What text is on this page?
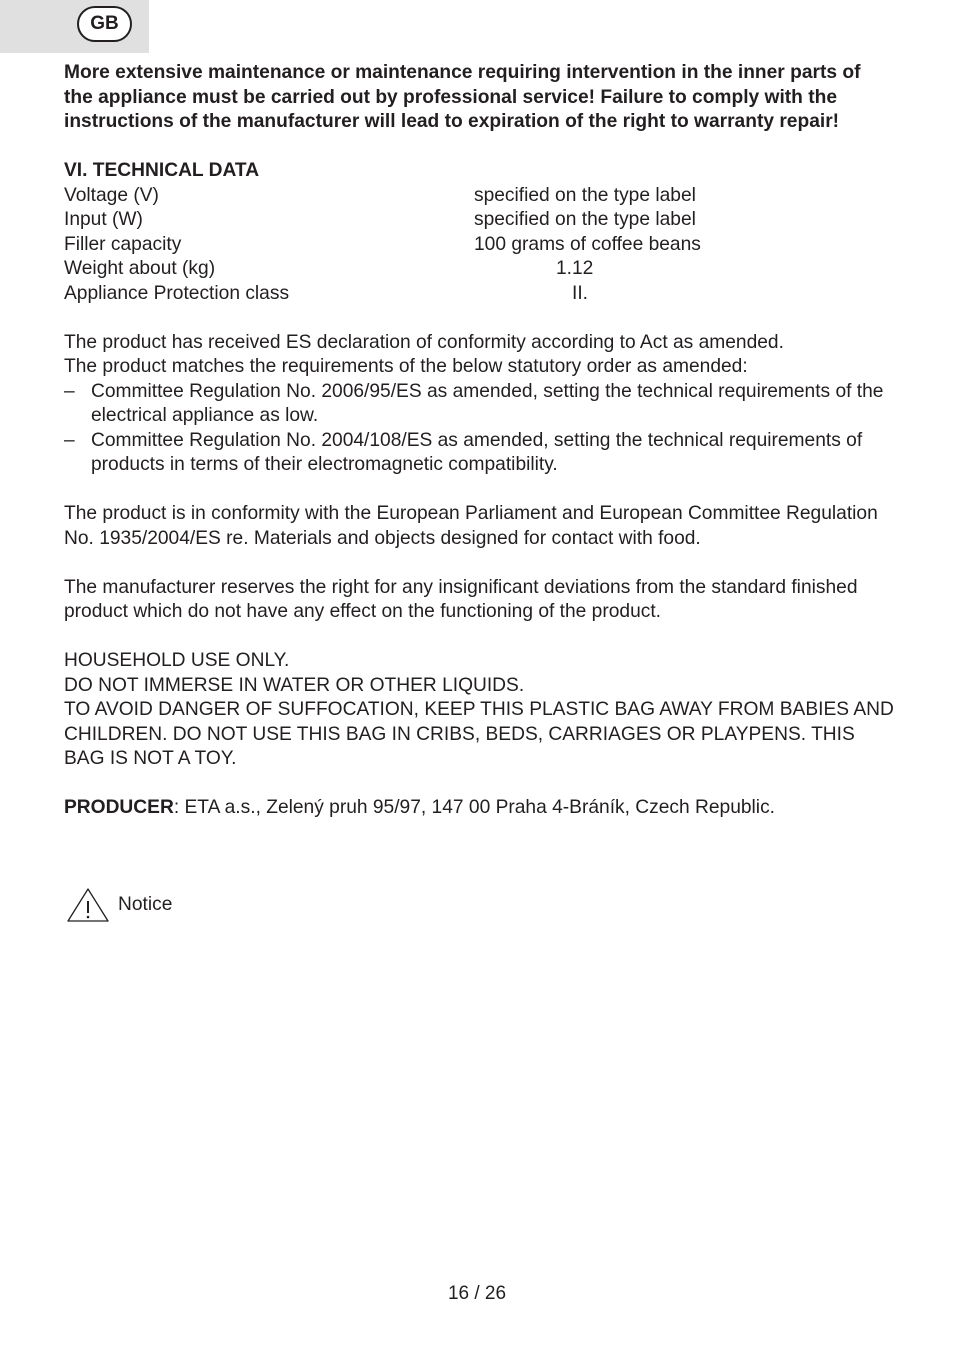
GB

More extensive maintenance or maintenance requiring intervention in the inner parts of the appliance must be carried out by professional service! Failure to comply with the instructions of the manufacturer will lead to expiration of the right to warranty repair!

VI. TECHNICAL DATA

Voltage (V)	specified on the type label
Input (W)	specified on the type label
Filler capacity	100 grams of coffee beans
Weight about (kg)	1.12
Appliance Protection class	II.

The product has received ES declaration of conformity according to Act as amended.

The product matches the requirements of the below statutory order as amended:

– Committee Regulation No. 2006/95/ES as amended, setting the technical requirements of the electrical appliance as low.
– Committee Regulation No. 2004/108/ES as amended, setting the technical requirements of products in terms of their electromagnetic compatibility.

The product is in conformity with the European Parliament and European Committee Regulation No. 1935/2004/ES re. Materials and objects designed for contact with food.

The manufacturer reserves the right for any insignificant deviations from the standard finished product which do not have any effect on the functioning of the product.

HOUSEHOLD USE ONLY.

DO NOT IMMERSE IN WATER OR OTHER LIQUIDS.

TO AVOID DANGER OF SUFFOCATION, KEEP THIS PLASTIC BAG AWAY FROM BABIES AND CHILDREN. DO NOT USE THIS BAG IN CRIBS, BEDS, CARRIAGES OR PLAYPENS. THIS BAG IS NOT A TOY.

PRODUCER: ETA a.s., Zelený pruh 95/97, 147 00 Praha 4-Bráník, Czech Republic.

Notice
16 / 26
